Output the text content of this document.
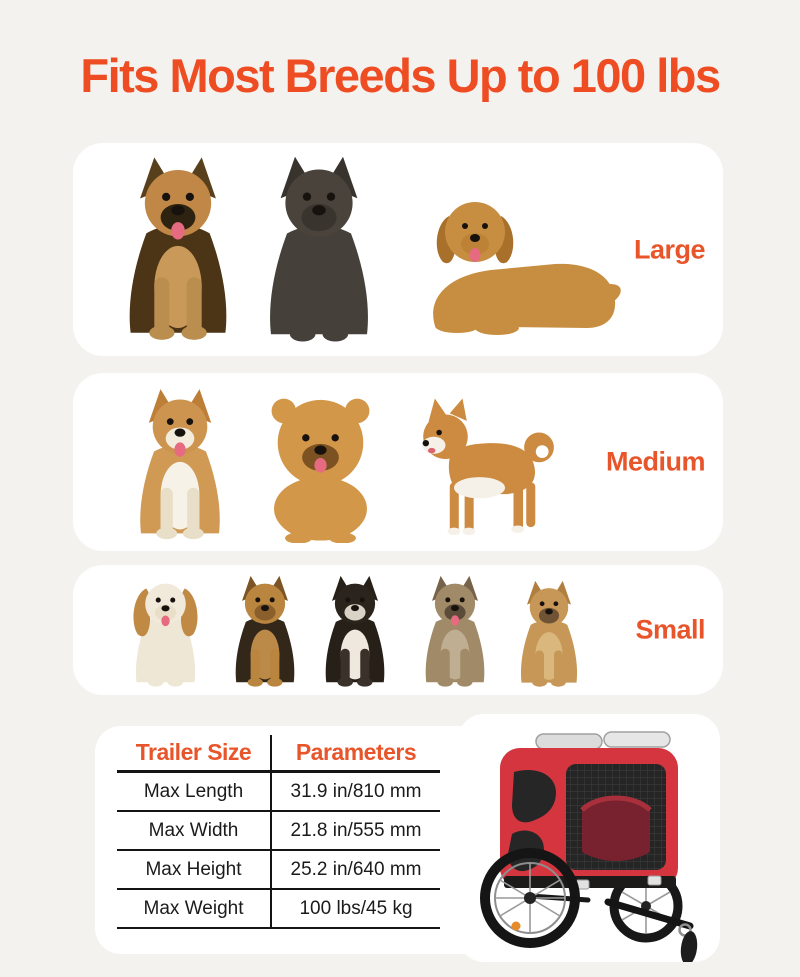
Fits Most Breeds Up to 100 lbs
Large
Medium
Small
Trailer Size	Parameters
Max Length	31.9 in/810 mm
Max Width	21.8 in/555 mm
Max Height	25.2 in/640 mm
Max Weight	100 lbs/45 kg
